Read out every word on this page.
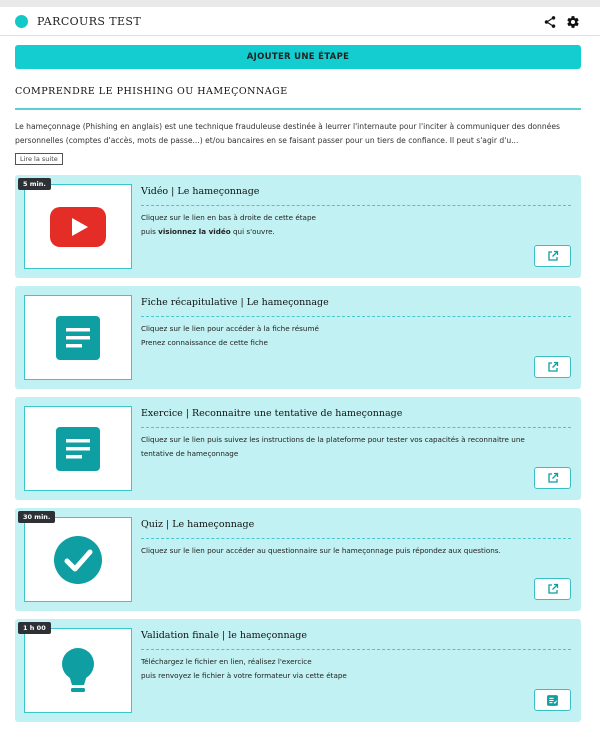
PARCOURS TEST
AJOUTER UNE ÉTAPE
COMPRENDRE LE PHISHING OU HAMEÇONNAGE
Le hameçonnage (Phishing en anglais) est une technique frauduleuse destinée à leurrer l'internaute pour l'inciter à communiquer des données personnelles (comptes d'accès, mots de passe...) et/ou bancaires en se faisant passer pour un tiers de confiance. Il peut s'agir d'u...
Lire la suite
5 min.
Vidéo | Le hameçonnage
Cliquez sur le lien en bas à droite de cette étape
puis visionnez la vidéo qui s'ouvre.
Fiche récapitulative | Le hameçonnage
Cliquez sur le lien pour accéder à la fiche résumé
Prenez connaissance de cette fiche
Exercice | Reconnaitre une tentative de hameçonnage
Cliquez sur le lien puis suivez les instructions de la plateforme pour tester vos capacités à reconnaitre une
tentative de hameçonnage
30 min.
Quiz | Le hameçonnage
Cliquez sur le lien pour accéder au questionnaire sur le hameçonnage puis répondez aux questions.
1 h 00
Validation finale | le hameçonnage
Téléchargez le fichier en lien, réalisez l'exercice
puis renvoyez le fichier à votre formateur via cette étape
